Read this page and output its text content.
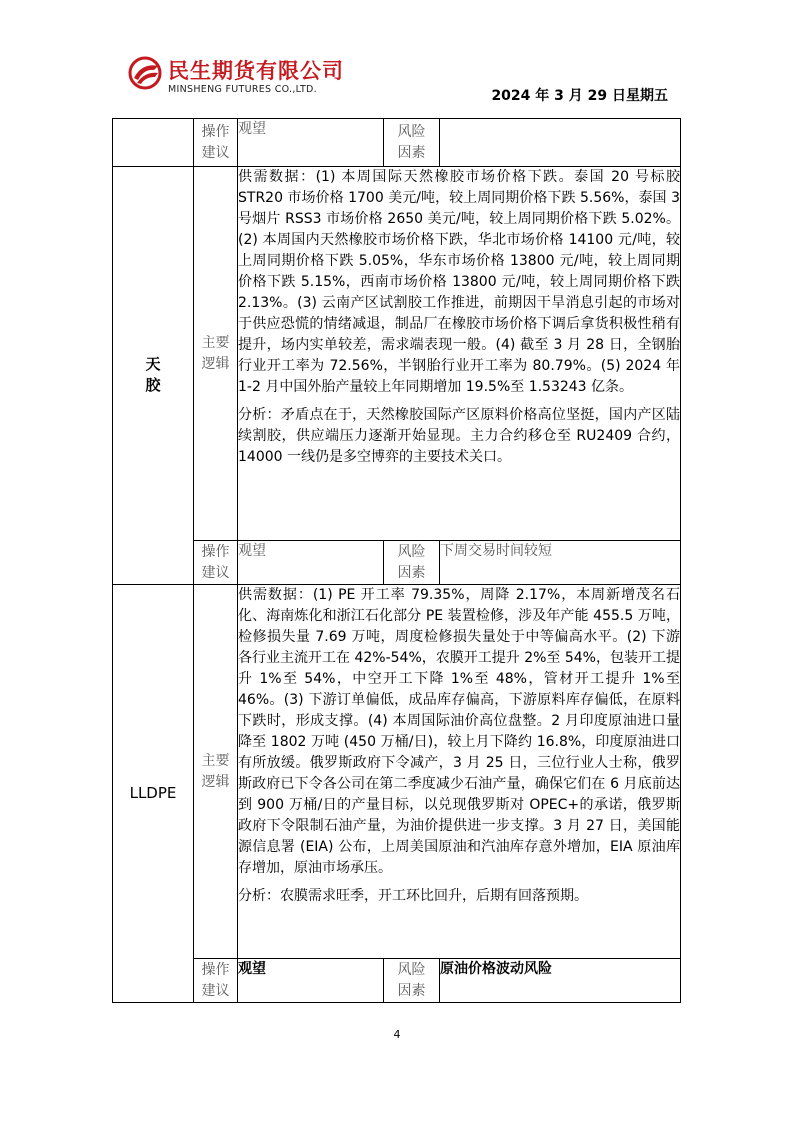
民生期货有限公司
MINSHENG FUTURES CO.,LTD.	2024 年 3 月 29 日星期五
	操作建议	观望	风险因素	
天胶	主要逻辑	供需数据：(1) 本周国际天然橡胶市场价格下跌。泰国 20 号标胶 STR20 市场价格 1700 美元/吨，较上周同期价格下跌 5.56%，泰国 3 号烟片 RSS3 市场价格 2650 美元/吨，较上周同期价格下跌 5.02%。(2) 本周国内天然橡胶市场价格下跌，华北市场价格 14100 元/吨，较上周同期价格下跌 5.05%，华东市场价格 13800 元/吨，较上周同期价格下跌 5.15%，西南市场价格 13800 元/吨，较上周同期价格下跌 2.13%。(3) 云南产区试割胶工作推进，前期因干旱消息引起的市场对于供应恐慌的情绪减退，制品厂在橡胶市场价格下调后拿货积极性稍有提升，场内实单较差，需求端表现一般。(4) 截至 3 月 28 日，全钢胎行业开工率为 72.56%，半钢胎行业开工率为 80.79%。(5) 2024 年 1-2 月中国外胎产量较上年同期增加 19.5%至 1.53243 亿条。

分析：矛盾点在于，天然橡胶国际产区原料价格高位坚挺，国内产区陆续割胶，供应端压力逐渐开始显现。主力合约移仓至 RU2409 合约，14000 一线仍是多空博弈的主要技术关口。		

	操作建议	观望	风险因素	下周交易时间较短
LLDPE	主要逻辑	供需数据：(1) PE 开工率 79.35%，周降 2.17%，本周新增茂名石化、海南炼化和浙江石化部分 PE 装置检修，涉及年产能 455.5 万吨，检修损失量 7.69 万吨，周度检修损失量处于中等偏高水平。(2) 下游各行业主流开工在 42%-54%，农膜开工提升 2%至 54%，包装开工提升 1%至 54%，中空开工下降 1%至 48%，管材开工提升 1%至 46%。(3) 下游订单偏低，成品库存偏高，下游原料库存偏低，在原料下跌时，形成支撑。(4) 本周国际油价高位盘整。2 月印度原油进口量降至 1802 万吨 (450 万桶/日)，较上月下降约 16.8%，印度原油进口有所放缓。俄罗斯政府下令减产，3 月 25 日，三位行业人士称，俄罗斯政府已下令各公司在第二季度减少石油产量，确保它们在 6 月底前达到 900 万桶/日的产量目标，以兑现俄罗斯对 OPEC+的承诺，俄罗斯政府下令限制石油产量，为油价提供进一步支撑。3 月 27 日，美国能源信息署 (EIA) 公布，上周美国原油和汽油库存意外增加，EIA 原油库存增加，原油市场承压。

分析：农膜需求旺季，开工环比回升，后期有回落预期。		

	操作建议	观望	风险因素	原油价格波动风险
4
